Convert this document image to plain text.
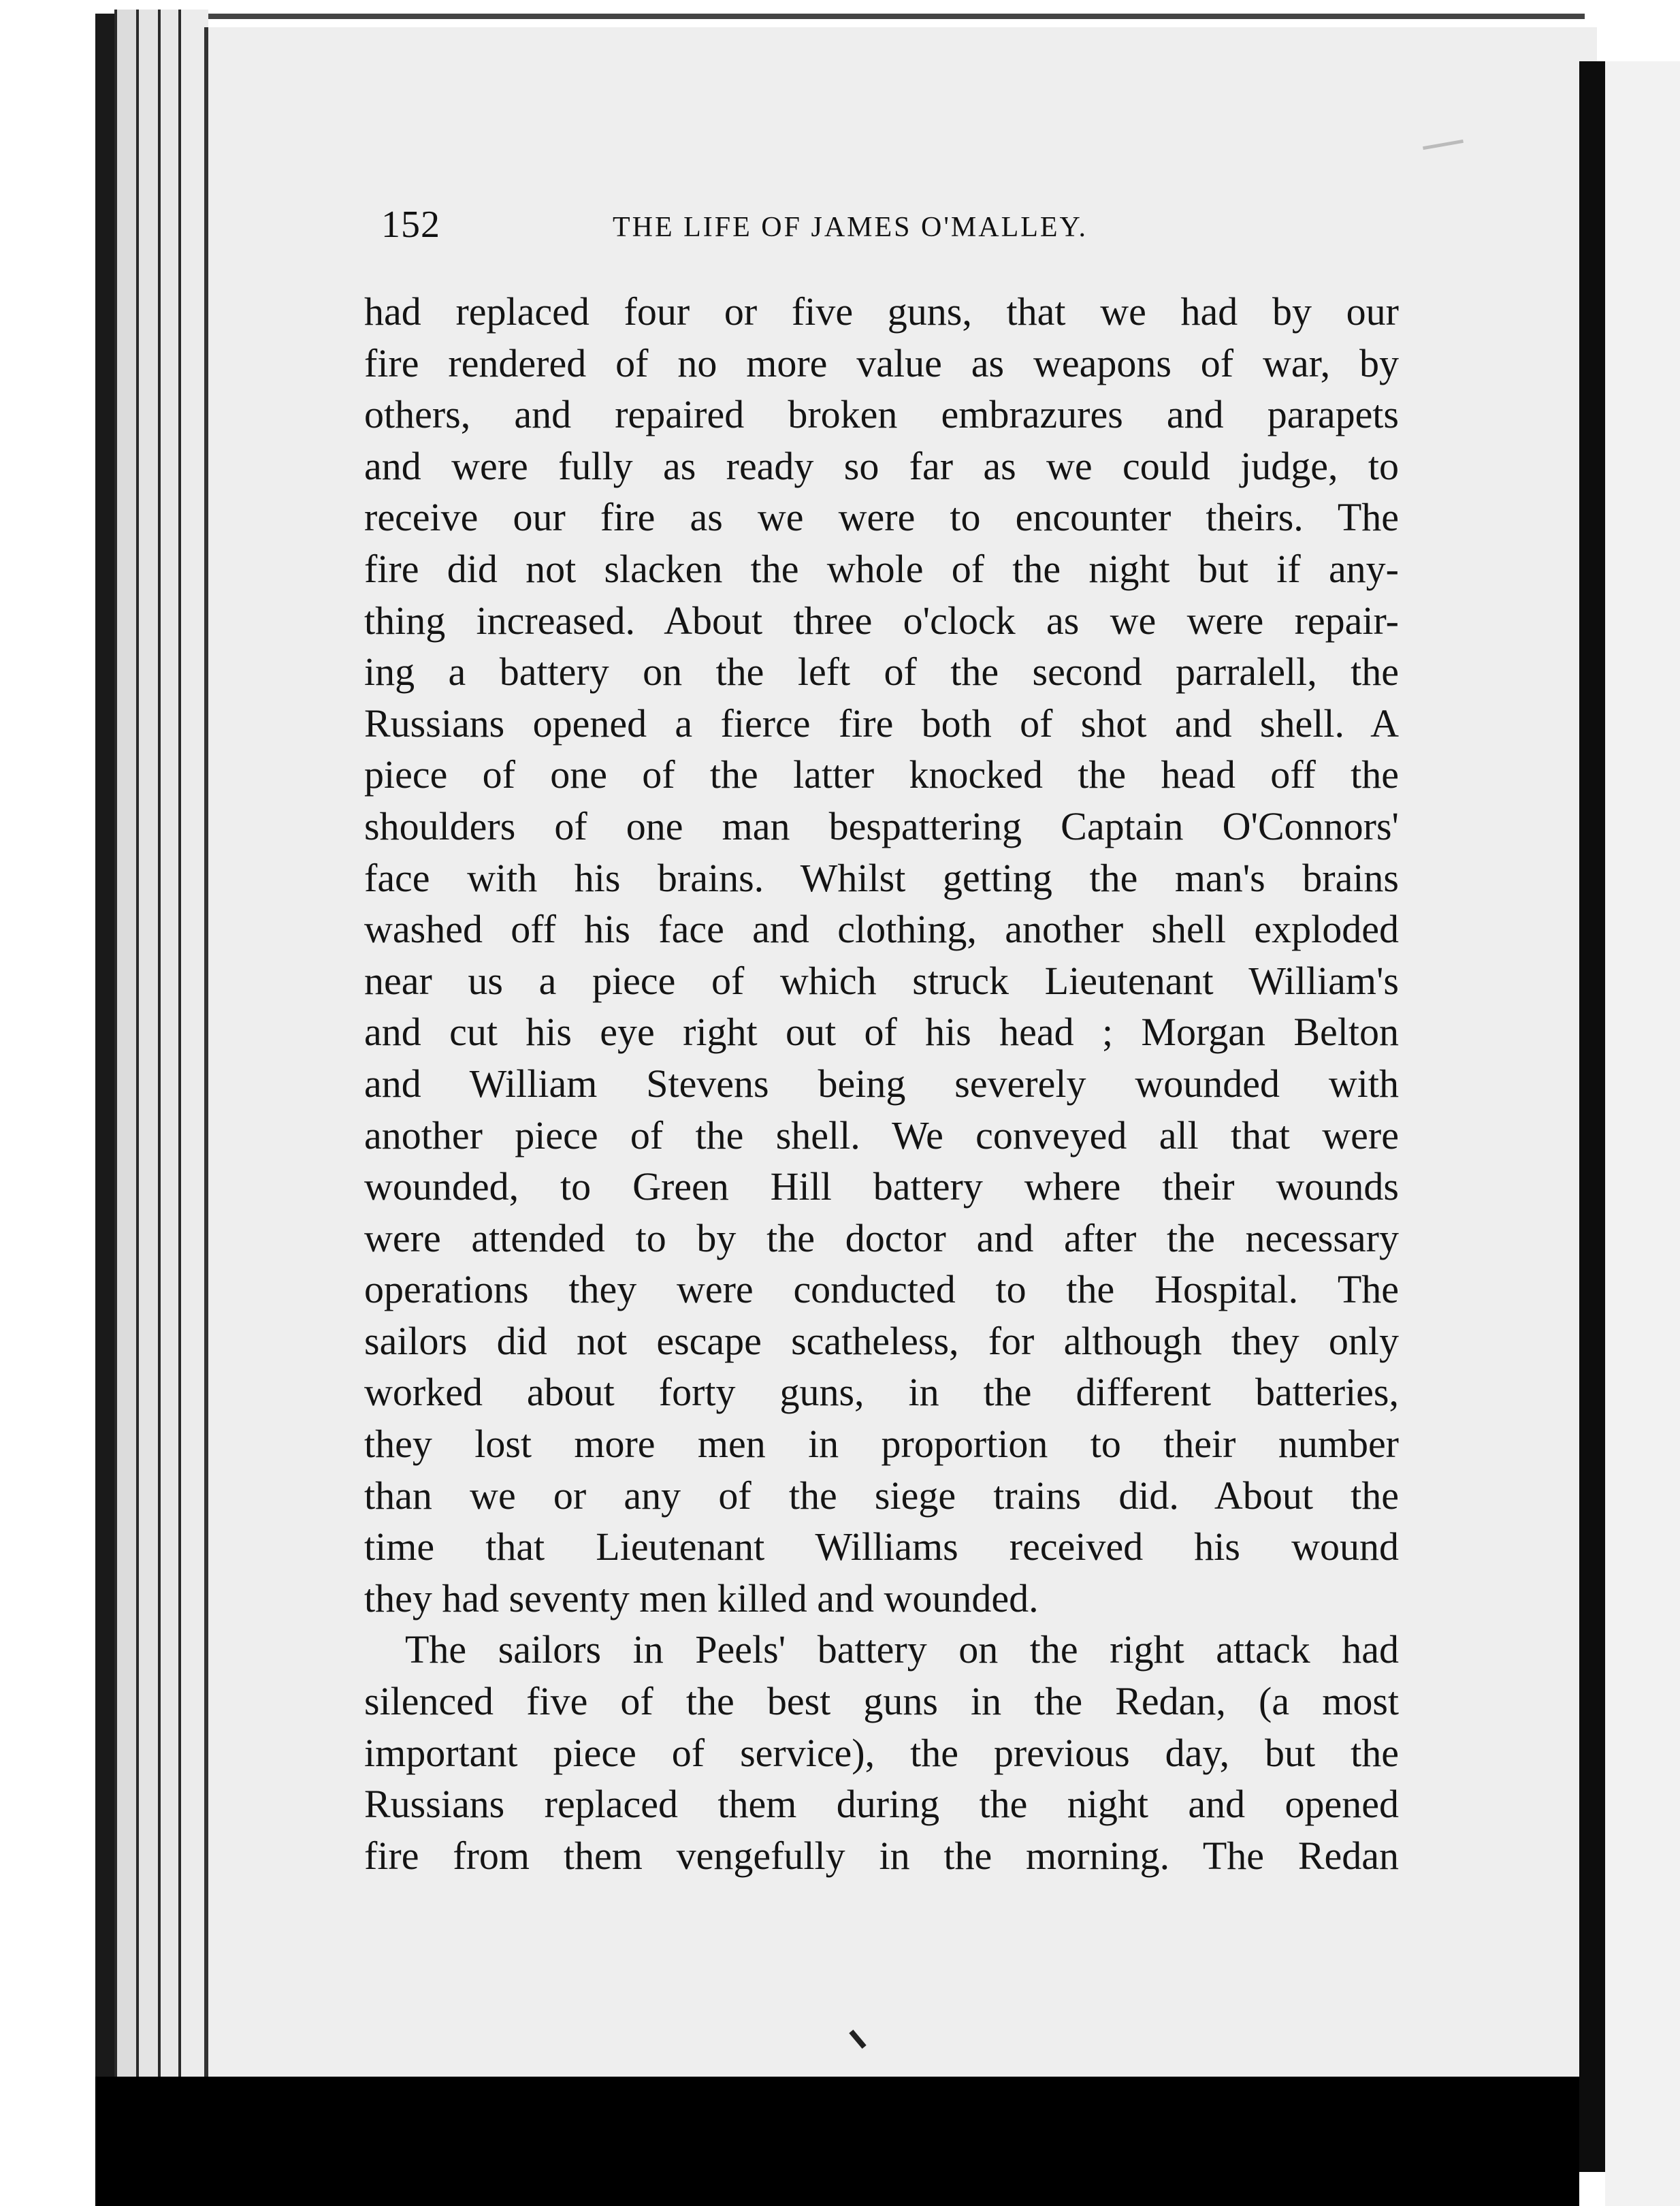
152	THE LIFE OF JAMES O'MALLEY.
had replaced four or five guns, that we had by our
fire rendered of no more value as weapons of war, by
others, and repaired broken embrazures and parapets
and were fully as ready so far as we could judge, to
receive our fire as we were to encounter theirs. The
fire did not slacken the whole of the night but if any-
thing increased. About three o'clock as we were repair-
ing a battery on the left of the second parralell, the
Russians opened a fierce fire both of shot and shell. A
piece of one of the latter knocked the head off the
shoulders of one man bespattering Captain O'Connors'
face with his brains. Whilst getting the man's brains
washed off his face and clothing, another shell exploded
near us a piece of which struck Lieutenant William's
and cut his eye right out of his head ; Morgan Belton
and William Stevens being severely wounded with
another piece of the shell. We conveyed all that were
wounded, to Green Hill battery where their wounds
were attended to by the doctor and after the necessary
operations they were conducted to the Hospital. The
sailors did not escape scatheless, for although they only
worked about forty guns, in the different batteries,
they lost more men in proportion to their number
than we or any of the siege trains did. About the
time that Lieutenant Williams received his wound
they had seventy men killed and wounded.
The sailors in Peels' battery on the right attack had
silenced five of the best guns in the Redan, (a most
important piece of service), the previous day, but the
Russians replaced them during the night and opened
fire from them vengefully in the morning. The Redan
